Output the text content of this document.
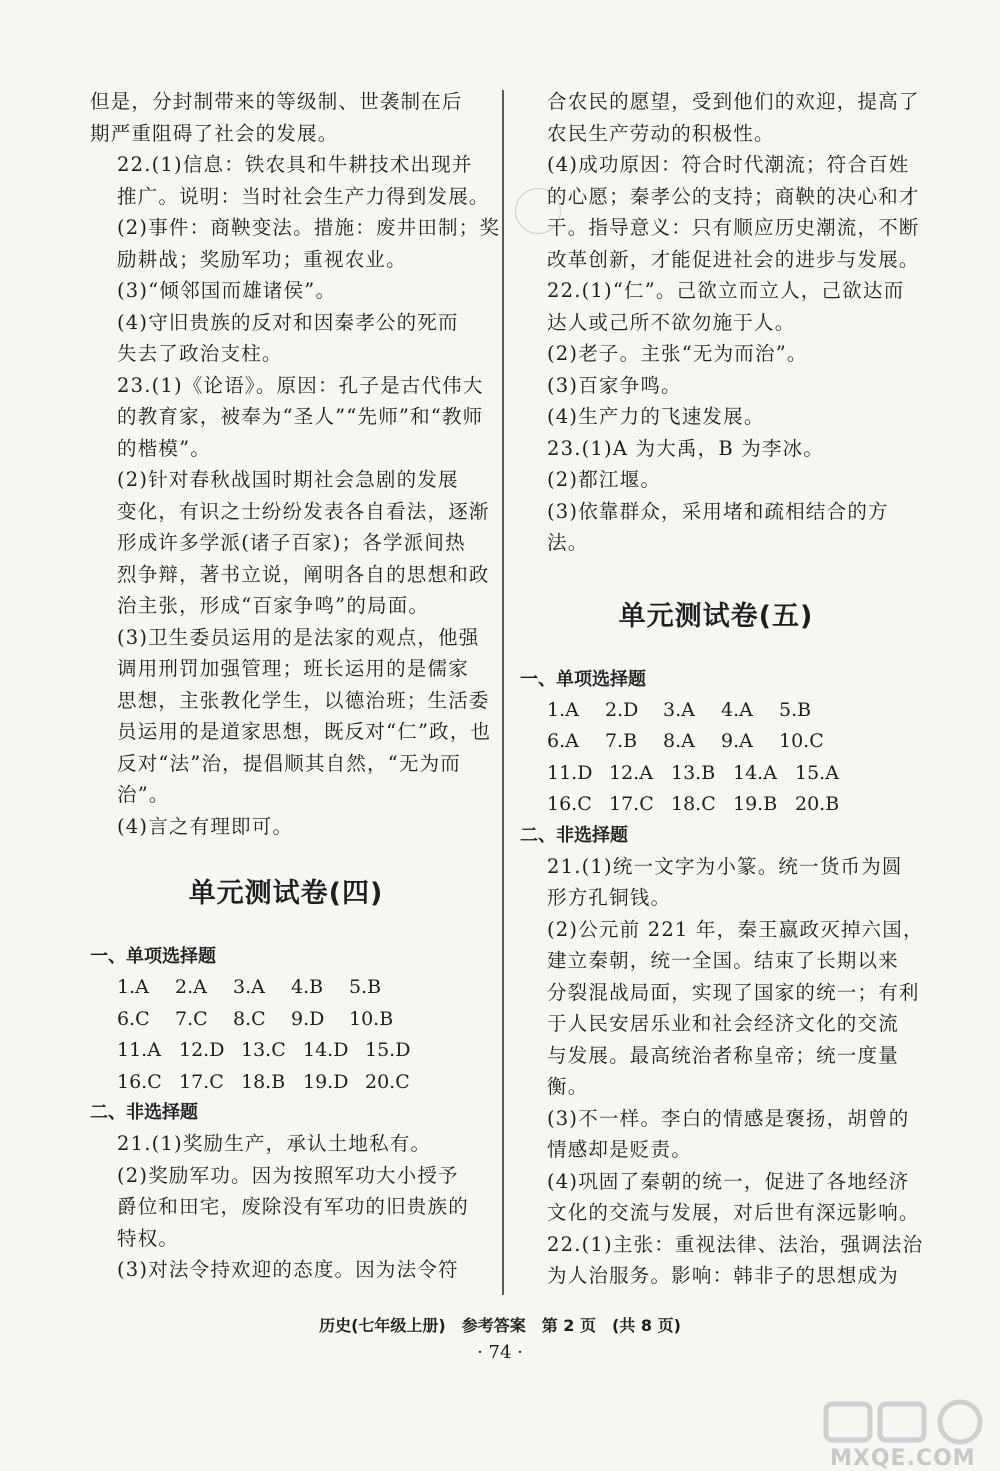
但是，分封制带来的等级制、世袭制在后
期严重阻碍了社会的发展。
22.(1)信息：铁农具和牛耕技术出现并
推广。说明：当时社会生产力得到发展。
(2)事件：商鞅变法。措施：废井田制；奖
励耕战；奖励军功；重视农业。
(3)“倾邻国而雄诸侯”。
(4)守旧贵族的反对和因秦孝公的死而
失去了政治支柱。
23.(1)《论语》。原因：孔子是古代伟大
的教育家，被奉为“圣人”“先师”和“教师
的楷模”。
(2)针对春秋战国时期社会急剧的发展
变化，有识之士纷纷发表各自看法，逐渐
形成许多学派(诸子百家)；各学派间热
烈争辩，著书立说，阐明各自的思想和政
治主张，形成“百家争鸣”的局面。
(3)卫生委员运用的是法家的观点，他强
调用刑罚加强管理；班长运用的是儒家
思想，主张教化学生，以德治班；生活委
员运用的是道家思想，既反对“仁”政，也
反对“法”治，提倡顺其自然，“无为而
治”。
(4)言之有理即可。
单元测试卷(四)
一、单项选择题
1.A	2.A	3.A	4.B	5.B
6.C	7.C	8.C	9.D	10.B
11.A 12.D 13.C 14.D 15.D
16.C 17.C 18.B 19.D 20.C
二、非选择题
21.(1)奖励生产，承认土地私有。
(2)奖励军功。因为按照军功大小授予
爵位和田宅，废除没有军功的旧贵族的
特权。
(3)对法令持欢迎的态度。因为法令符
合农民的愿望，受到他们的欢迎，提高了
农民生产劳动的积极性。
(4)成功原因：符合时代潮流；符合百姓
的心愿；秦孝公的支持；商鞅的决心和才
干。指导意义：只有顺应历史潮流，不断
改革创新，才能促进社会的进步与发展。
22.(1)“仁”。己欲立而立人，己欲达而
达人或己所不欲勿施于人。
(2)老子。主张“无为而治”。
(3)百家争鸣。
(4)生产力的飞速发展。
23.(1)A 为大禹，B 为李冰。
(2)都江堰。
(3)依靠群众，采用堵和疏相结合的方
法。
单元测试卷(五)
一、单项选择题
1.A	2.D	3.A	4.A	5.B
6.A	7.B	8.A	9.A	10.C
11.D 12.A 13.B 14.A 15.A
16.C 17.C 18.C 19.B 20.B
二、非选择题
21.(1)统一文字为小篆。统一货币为圆
形方孔铜钱。
(2)公元前 221 年，秦王嬴政灭掉六国，
建立秦朝，统一全国。结束了长期以来
分裂混战局面，实现了国家的统一；有利
于人民安居乐业和社会经济文化的交流
与发展。最高统治者称皇帝；统一度量
衡。
(3)不一样。李白的情感是褒扬，胡曾的
情感却是贬责。
(4)巩固了秦朝的统一，促进了各地经济
文化的交流与发展，对后世有深远影响。
22.(1)主张：重视法律、法治，强调法治
为人治服务。影响：韩非子的思想成为
历史(七年级上册)　参考答案　第 2 页　(共 8 页)
· 74 ·
MXQE.COM
